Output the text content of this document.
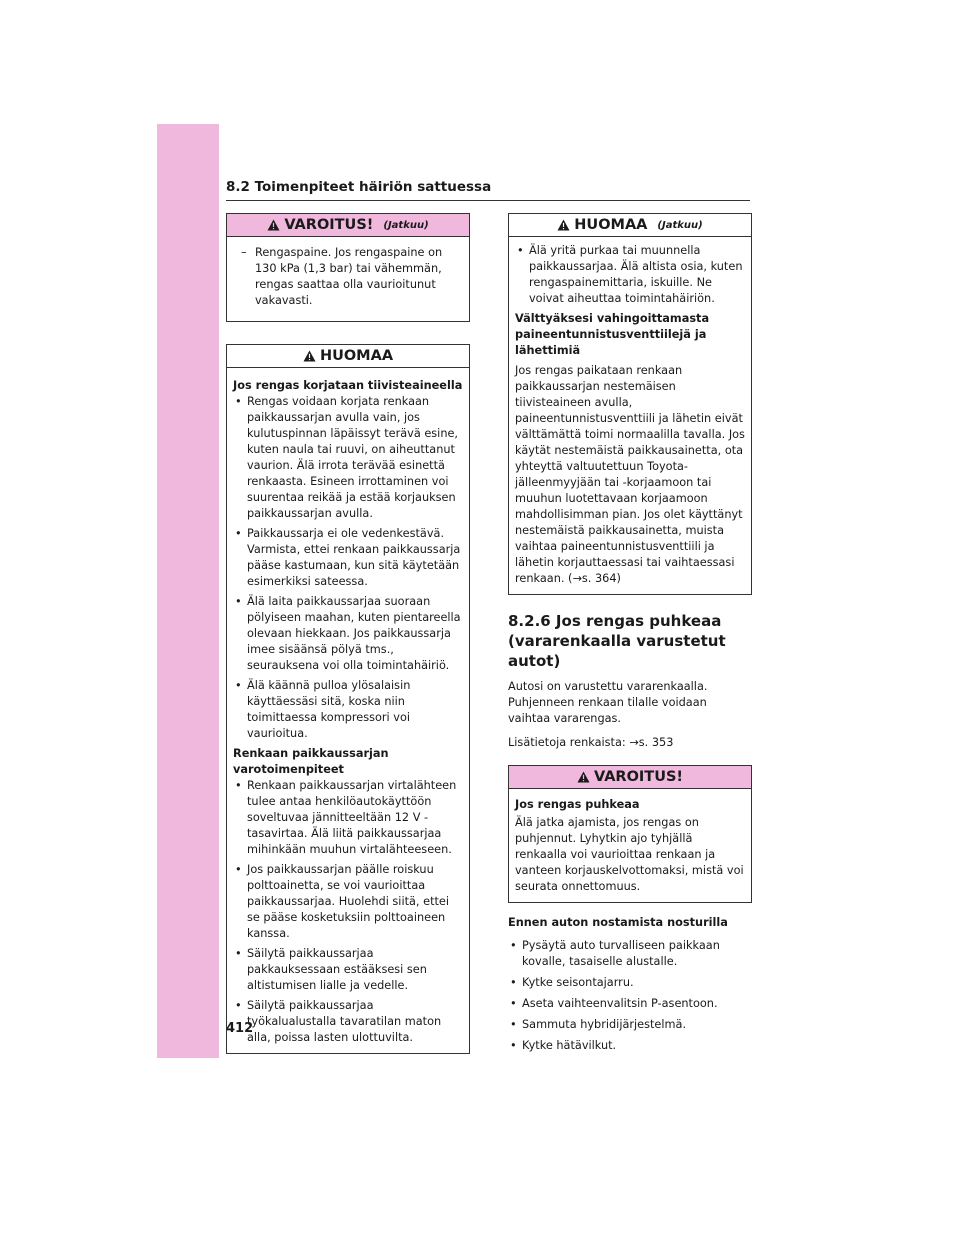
412
8.2 Toimenpiteet häiriön sattuessa
VAROITUS! (Jatkuu)
– Rengaspaine. Jos rengaspaine on 130 kPa (1,3 bar) tai vähemmän, rengas saattaa olla vaurioitunut vakavasti.
HUOMAA
Jos rengas korjataan tiivisteaineella
• Rengas voidaan korjata renkaan paikkaussarjan avulla vain, jos kulutuspinnan läpäissyt terävä esine, kuten naula tai ruuvi, on aiheuttanut vaurion. Älä irrota terävää esinettä renkaasta. Esineen irrottaminen voi suurentaa reikää ja estää korjauksen paikkaussarjan avulla.
• Paikkaussarja ei ole vedenkestävä. Varmista, ettei renkaan paikkaussarja pääse kastumaan, kun sitä käytetään esimerkiksi sateessa.
• Älä laita paikkaussarjaa suoraan pölyiseen maahan, kuten pientareella olevaan hiekkaan. Jos paikkaussarja imee sisäänsä pölyä tms., seurauksena voi olla toimintahäiriö.
• Älä käännä pulloa ylösalaisin käyttäessäsi sitä, koska niin toimittaessa kompressori voi vaurioitua.
Renkaan paikkaussarjan varotoimenpiteet
• Renkaan paikkaussarjan virtalähteen tulee antaa henkilöautokäyttöön soveltuvaa jännitteeltään 12 V -tasavirtaa. Älä liitä paikkaussarjaa mihinkään muuhun virtalähteeseen.
• Jos paikkaussarjan päälle roiskuu polttoainetta, se voi vaurioittaa paikkaussarjaa. Huolehdi siitä, ettei se pääse kosketuksiin polttoaineen kanssa.
• Säilytä paikkaussarjaa pakkauksessaan estääksesi sen altistumisen lialle ja vedelle.
• Säilytä paikkaussarjaa työkalualustalla tavaratilan maton alla, poissa lasten ulottuvilta.
HUOMAA (Jatkuu)
• Älä yritä purkaa tai muunnella paikkaussarjaa. Älä altista osia, kuten rengaspainemittaria, iskuille. Ne voivat aiheuttaa toimintahäiriön.
Välttyäksesi vahingoittamasta paineentunnistusventtiilejä ja lähettimiä
Jos rengas paikataan renkaan paikkaussarjan nestemäisen tiivisteaineen avulla, paineentunnistusventtiili ja lähetin eivät välttämättä toimi normaalilla tavalla. Jos käytät nestemäistä paikkausainetta, ota yhteyttä valtuutettuun Toyota-jälleenmyyjään tai -korjaamoon tai muuhun luotettavaan korjaamoon mahdollisimman pian. Jos olet käyttänyt nestemäistä paikkausainetta, muista vaihtaa paineentunnistusventtiili ja lähetin korjauttaessasi tai vaihtaessasi renkaan. (→s. 364)
8.2.6 Jos rengas puhkeaa (vararenkaalla varustetut autot)
Autosi on varustettu vararenkaalla. Puhjenneen renkaan tilalle voidaan vaihtaa vararengas.
Lisätietoja renkaista: →s. 353
VAROITUS!
Jos rengas puhkeaa
Älä jatka ajamista, jos rengas on puhjennut. Lyhytkin ajo tyhjällä renkaalla voi vaurioittaa renkaan ja vanteen korjauskelvottomaksi, mistä voi seurata onnettomuus.
Ennen auton nostamista nosturilla
• Pysäytä auto turvalliseen paikkaan kovalle, tasaiselle alustalle.
• Kytke seisontajarru.
• Aseta vaihteenvalitsin P-asentoon.
• Sammuta hybridijärjestelmä.
• Kytke hätävilkut.
